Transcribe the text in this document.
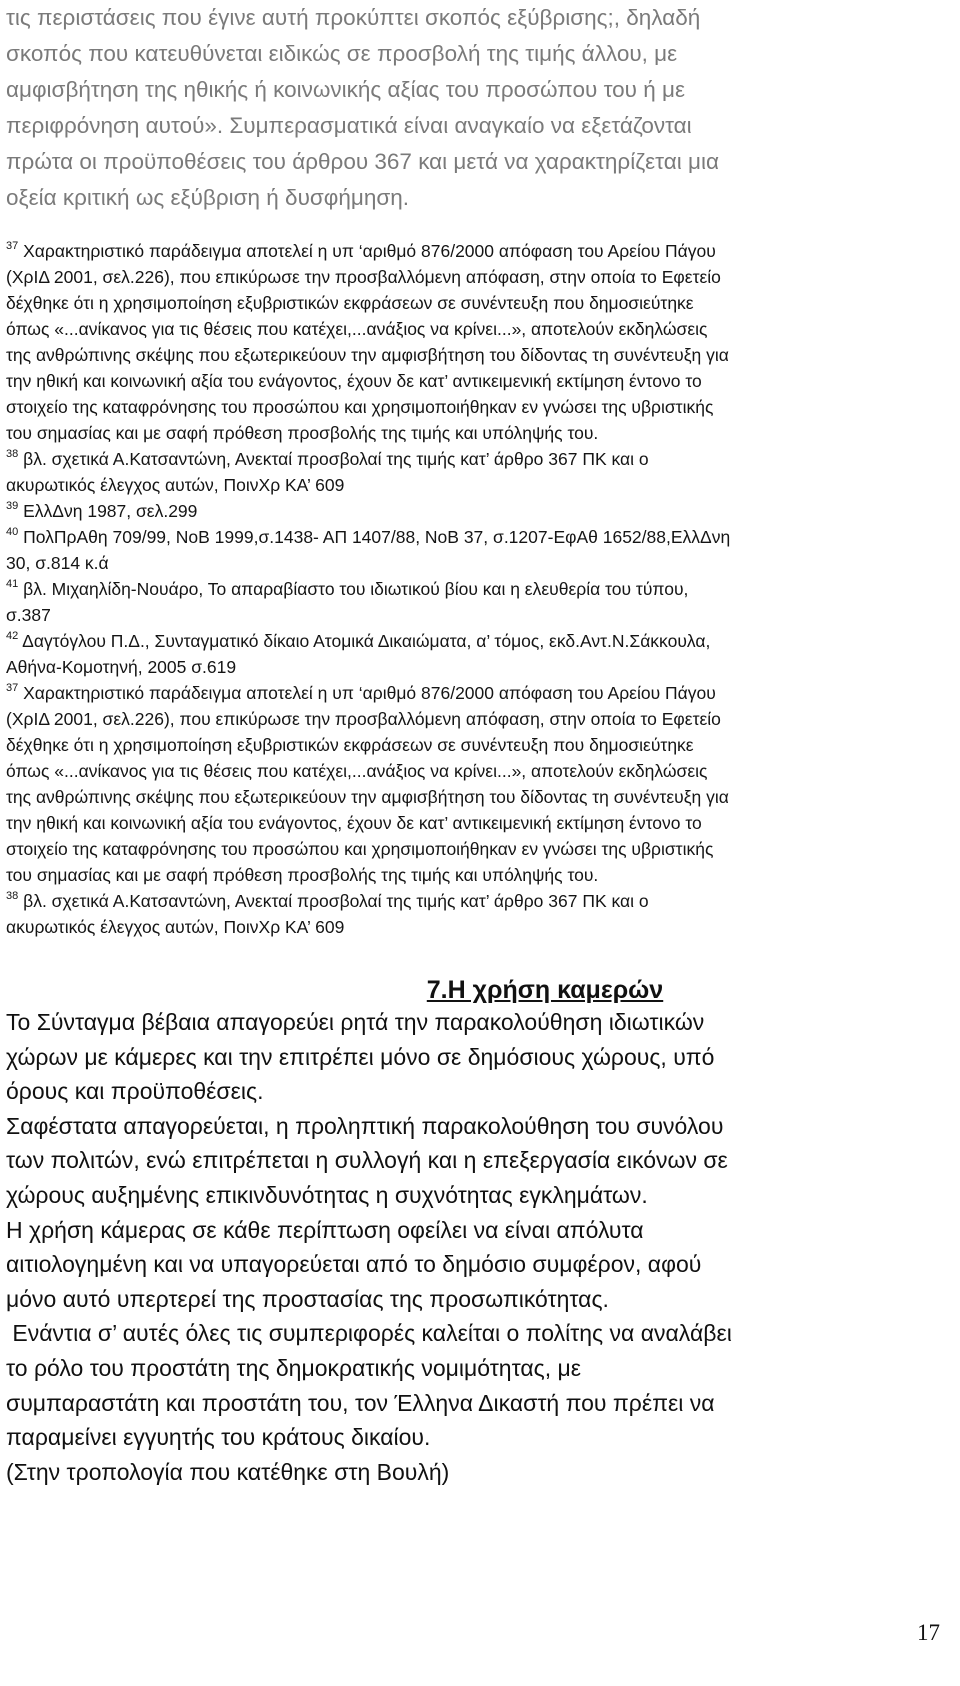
τις περιστάσεις που έγινε αυτή προκύπτει σκοπός εξύβρισης;, δηλαδή

σκοπός που κατευθύνεται ειδικώς σε προσβολή της τιμής άλλου, με

αμφισβήτηση της ηθικής ή κοινωνικής αξίας του προσώπου του ή με

περιφρόνηση αυτού». Συμπερασματικά είναι αναγκαίο να εξετάζονται

πρώτα οι προϋποθέσεις του άρθρου 367 και μετά να χαρακτηρίζεται μια

οξεία κριτική ως εξύβριση ή δυσφήμηση.

$^{37}$ Χαρακτηριστικό παράδειγμα αποτελεί η υπ ‘αριθμό 876/2000 απόφαση του Αρείου Πάγου

(ΧρΙΔ 2001, σελ.226), που επικύρωσε την προσβαλλόμενη απόφαση, στην οποία το Εφετείο

δέχθηκε ότι η χρησιμοποίηση εξυβριστικών εκφράσεων σε συνέντευξη που δημοσιεύτηκε

όπως «...ανίκανος για τις θέσεις που κατέχει,...ανάξιος να κρίνει...», αποτελούν εκδηλώσεις

της ανθρώπινης σκέψης που εξωτερικεύουν την αμφισβήτηση του δίδοντας τη συνέντευξη για

την ηθική και κοινωνική αξία του ενάγοντος, έχουν δε κατ’ αντικειμενική εκτίμηση έντονο το

στοιχείο της καταφρόνησης του προσώπου και χρησιμοποιήθηκαν εν γνώσει της υβριστικής

του σημασίας και με σαφή πρόθεση προσβολής της τιμής και υπόληψής του.

$^{38}$ βλ. σχετικά Α.Κατσαντώνη, Ανεκταί προσβολαί της τιμής κατ’ άρθρο 367 ΠΚ και ο

ακυρωτικός έλεγχος αυτών, ΠοινΧρ ΚΑ’ 609

$^{39}$ ΕλλΔνη 1987, σελ.299

$^{40}$ ΠολΠρΑθη 709/99, ΝοΒ 1999,σ.1438- ΑΠ 1407/88, ΝοΒ 37, σ.1207-ΕφΑθ 1652/88,ΕλλΔνη

30, σ.814 κ.ά

$^{41}$ βλ. Μιχαηλίδη-Νουάρο, Το απαραβίαστο του ιδιωτικού βίου και η ελευθερία του τύπου,

σ.387

$^{42}$ Δαγτόγλου Π.Δ., Συνταγματικό δίκαιο Ατομικά Δικαιώματα, α’ τόμος, εκδ.Αντ.Ν.Σάκκουλα,

Αθήνα-Κομοτηνή, 2005 σ.619

$^{37}$ Χαρακτηριστικό παράδειγμα αποτελεί η υπ ‘αριθμό 876/2000 απόφαση του Αρείου Πάγου

(ΧρΙΔ 2001, σελ.226), που επικύρωσε την προσβαλλόμενη απόφαση, στην οποία το Εφετείο

δέχθηκε ότι η χρησιμοποίηση εξυβριστικών εκφράσεων σε συνέντευξη που δημοσιεύτηκε

όπως «...ανίκανος για τις θέσεις που κατέχει,...ανάξιος να κρίνει...», αποτελούν εκδηλώσεις

της ανθρώπινης σκέψης που εξωτερικεύουν την αμφισβήτηση του δίδοντας τη συνέντευξη για

την ηθική και κοινωνική αξία του ενάγοντος, έχουν δε κατ’ αντικειμενική εκτίμηση έντονο το

στοιχείο της καταφρόνησης του προσώπου και χρησιμοποιήθηκαν εν γνώσει της υβριστικής

του σημασίας και με σαφή πρόθεση προσβολής της τιμής και υπόληψής του.

$^{38}$ βλ. σχετικά Α.Κατσαντώνη, Ανεκταί προσβολαί της τιμής κατ’ άρθρο 367 ΠΚ και ο

ακυρωτικός έλεγχος αυτών, ΠοινΧρ ΚΑ’ 609

7.Η χρήση καμερών

Το Σύνταγμα βέβαια απαγορεύει ρητά την παρακολούθηση ιδιωτικών

χώρων με κάμερες και την επιτρέπει μόνο σε δημόσιους χώρους, υπό

όρους και προϋποθέσεις.

Σαφέστατα απαγορεύεται, η προληπτική παρακολούθηση του συνόλου

των πολιτών, ενώ επιτρέπεται η συλλογή και η επεξεργασία εικόνων σε

χώρους αυξημένης επικινδυνότητας η συχνότητας εγκλημάτων.

Η χρήση κάμερας σε κάθε περίπτωση οφείλει να είναι απόλυτα

αιτιολογημένη και να υπαγορεύεται από το δημόσιο συμφέρον, αφού

μόνο αυτό υπερτερεί της προστασίας της προσωπικότητας.

Ενάντια σ’ αυτές όλες τις συμπεριφορές καλείται ο πολίτης να αναλάβει

το ρόλο του προστάτη της δημοκρατικής νομιμότητας, με

συμπαραστάτη και προστάτη του, τον Έλληνα Δικαστή που πρέπει να

παραμείνει εγγυητής του κράτους δικαίου.

(Στην τροπολογία που κατέθηκε στη Βουλή)

17
